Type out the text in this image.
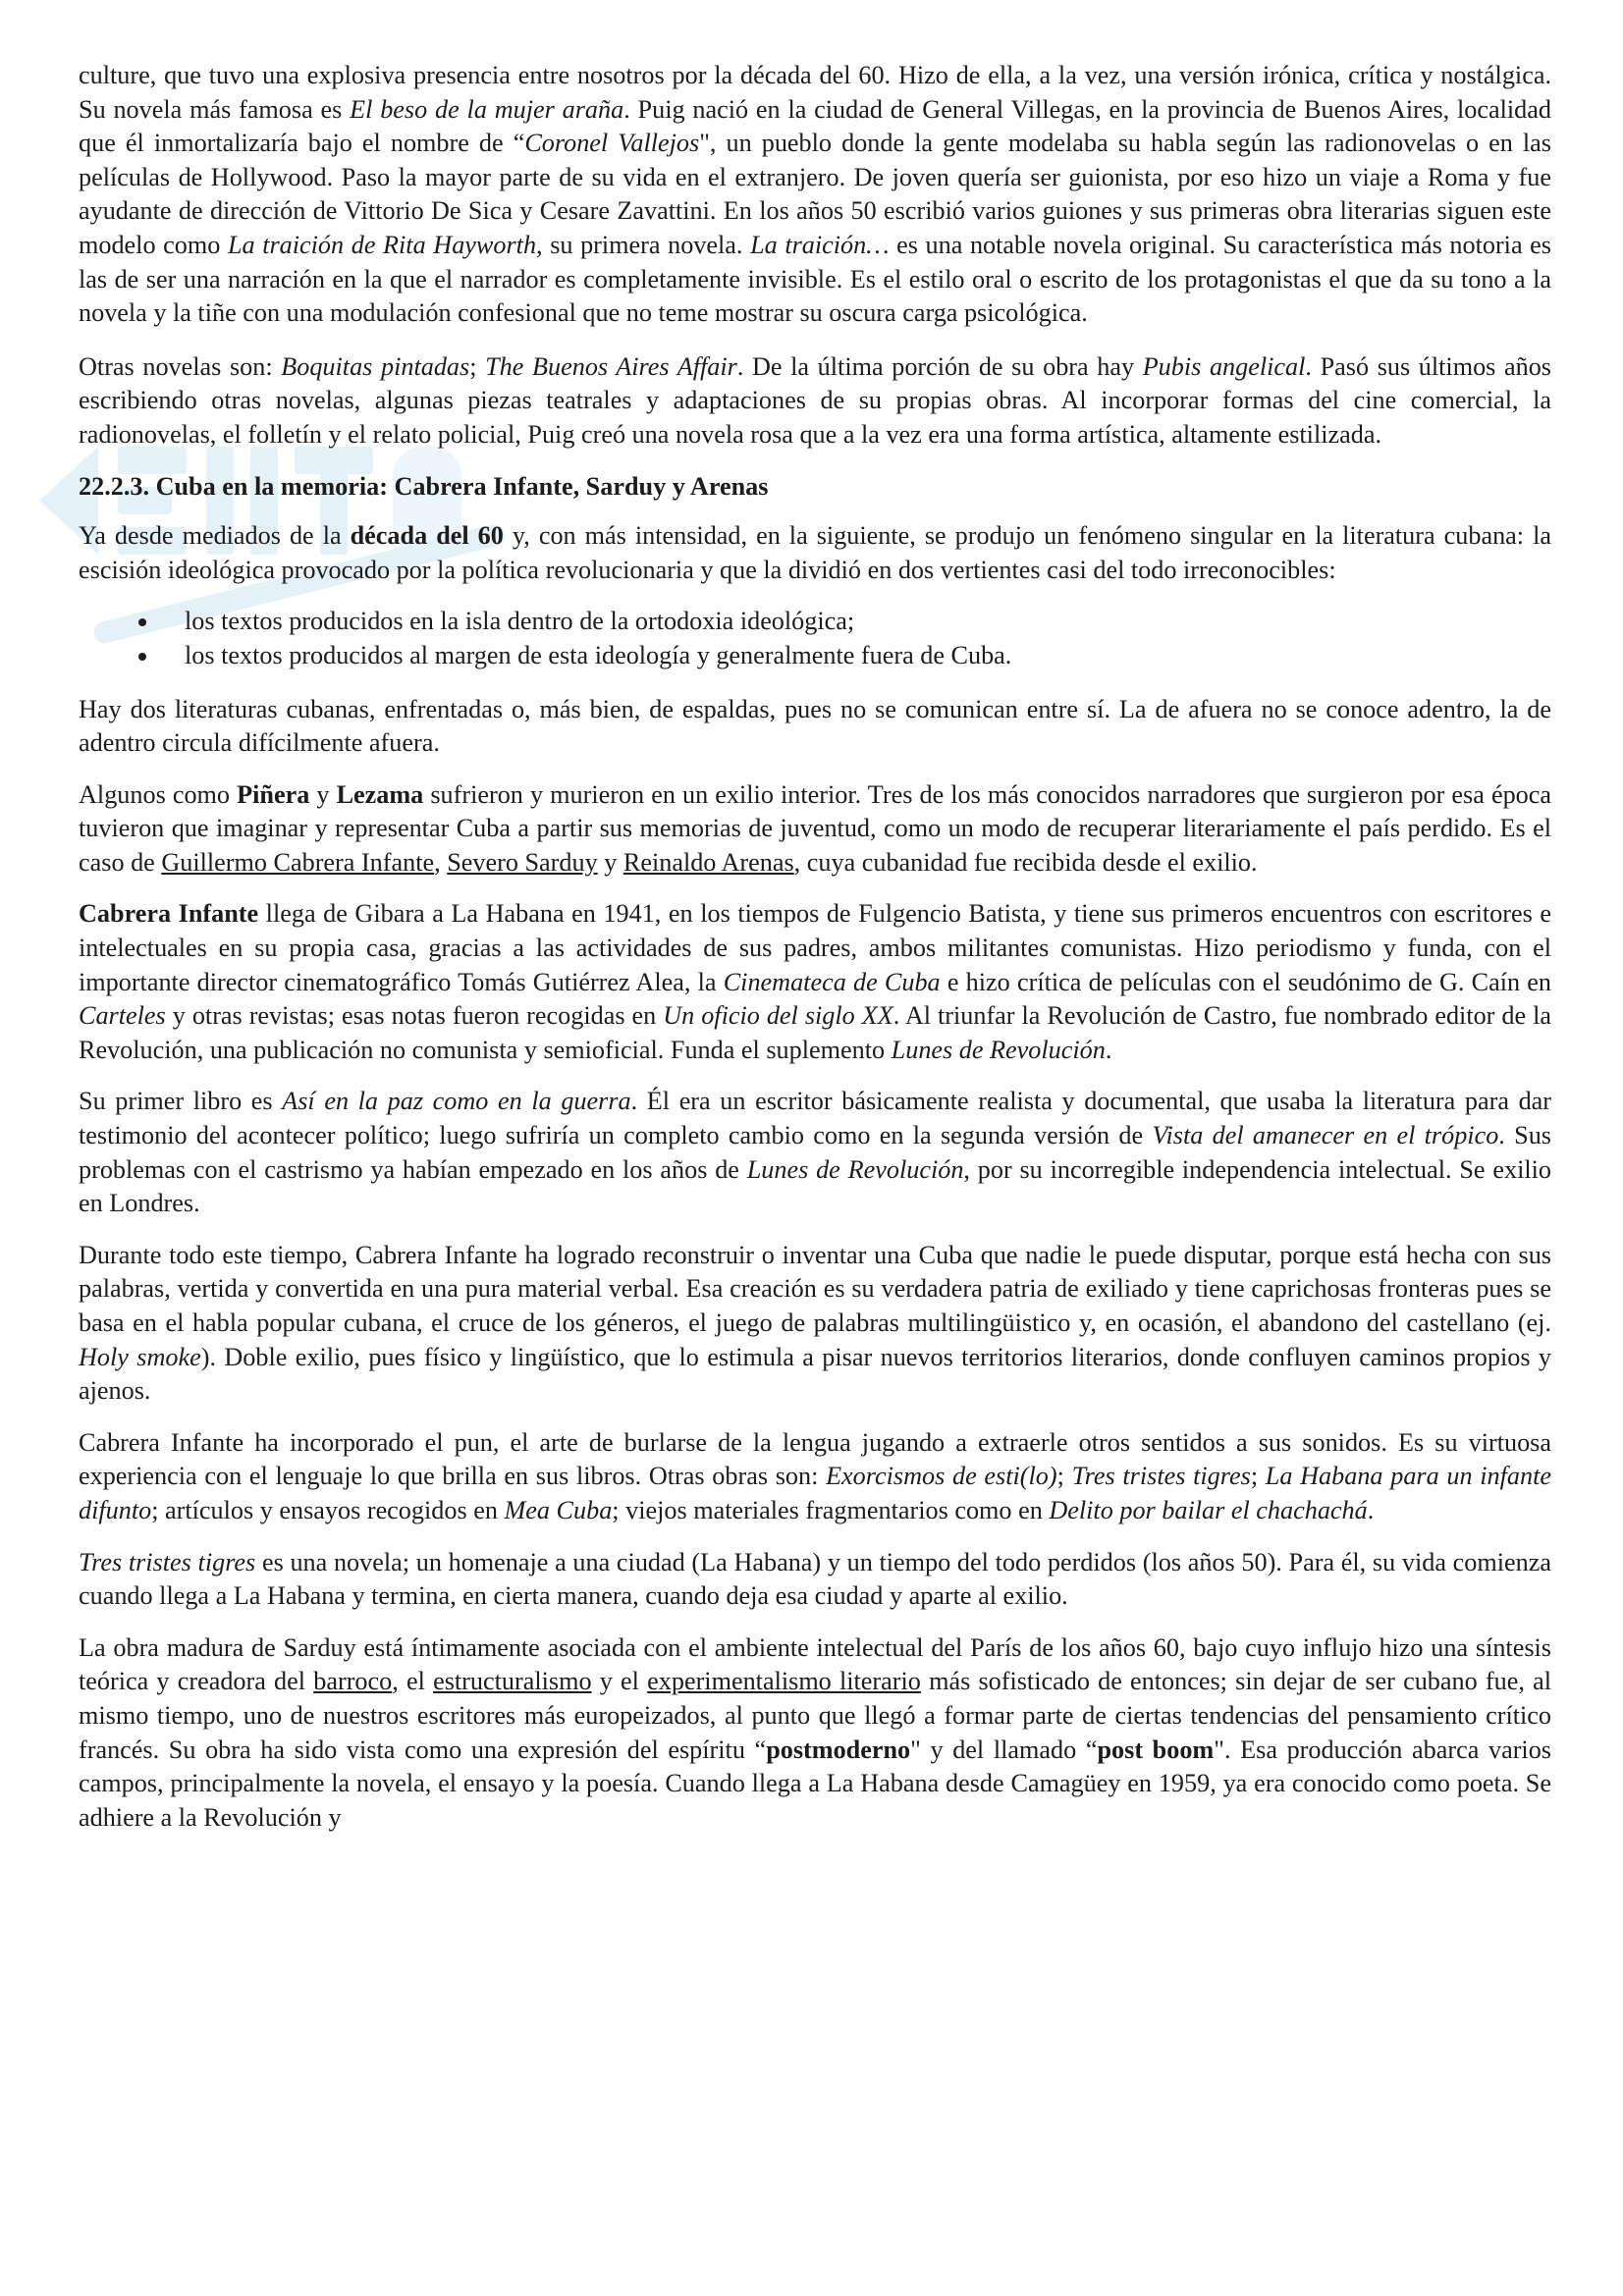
culture, que tuvo una explosiva presencia entre nosotros por la década del 60. Hizo de ella, a la vez, una versión irónica, crítica y nostálgica. Su novela más famosa es El beso de la mujer araña. Puig nació en la ciudad de General Villegas, en la provincia de Buenos Aires, localidad que él inmortalizaría bajo el nombre de “Coronel Vallejos", un pueblo donde la gente modelaba su habla según las radionovelas o en las películas de Hollywood. Paso la mayor parte de su vida en el extranjero. De joven quería ser guionista, por eso hizo un viaje a Roma y fue ayudante de dirección de Vittorio De Sica y Cesare Zavattini. En los años 50 escribió varios guiones y sus primeras obra literarias siguen este modelo como La traición de Rita Hayworth, su primera novela. La traición… es una notable novela original. Su característica más notoria es las de ser una narración en la que el narrador es completamente invisible. Es el estilo oral o escrito de los protagonistas el que da su tono a la novela y la tiñe con una modulación confesional que no teme mostrar su oscura carga psicológica.

Otras novelas son: Boquitas pintadas; The Buenos Aires Affair. De la última porción de su obra hay Pubis angelical. Pasó sus últimos años escribiendo otras novelas, algunas piezas teatrales y adaptaciones de su propias obras. Al incorporar formas del cine comercial, la radionovelas, el folletín y el relato policial, Puig creó una novela rosa que a la vez era una forma artística, altamente estilizada.

22.2.3. Cuba en la memoria: Cabrera Infante, Sarduy y Arenas

Ya desde mediados de la década del 60 y, con más intensidad, en la siguiente, se produjo un fenómeno singular en la literatura cubana: la escisión ideológica provocado por la política revolucionaria y que la dividió en dos vertientes casi del todo irreconocibles:

los textos producidos en la isla dentro de la ortodoxia ideológica;
los textos producidos al margen de esta ideología y generalmente fuera de Cuba.

Hay dos literaturas cubanas, enfrentadas o, más bien, de espaldas, pues no se comunican entre sí. La de afuera no se conoce adentro, la de adentro circula difícilmente afuera.

Algunos como Piñera y Lezama sufrieron y murieron en un exilio interior. Tres de los más conocidos narradores que surgieron por esa época tuvieron que imaginar y representar Cuba a partir sus memorias de juventud, como un modo de recuperar literariamente el país perdido. Es el caso de Guillermo Cabrera Infante, Severo Sarduy y Reinaldo Arenas, cuya cubanidad fue recibida desde el exilio.

Cabrera Infante llega de Gibara a La Habana en 1941, en los tiempos de Fulgencio Batista, y tiene sus primeros encuentros con escritores e intelectuales en su propia casa, gracias a las actividades de sus padres, ambos militantes comunistas. Hizo periodismo y funda, con el importante director cinematográfico Tomás Gutiérrez Alea, la Cinemateca de Cuba e hizo crítica de películas con el seudónimo de G. Caín en Carteles y otras revistas; esas notas fueron recogidas en Un oficio del siglo XX. Al triunfar la Revolución de Castro, fue nombrado editor de la Revolución, una publicación no comunista y semioficial. Funda el suplemento Lunes de Revolución.

Su primer libro es Así en la paz como en la guerra. Él era un escritor básicamente realista y documental, que usaba la literatura para dar testimonio del acontecer político; luego sufriría un completo cambio como en la segunda versión de Vista del amanecer en el trópico. Sus problemas con el castrismo ya habían empezado en los años de Lunes de Revolución, por su incorregible independencia intelectual. Se exilio en Londres.

Durante todo este tiempo, Cabrera Infante ha logrado reconstruir o inventar una Cuba que nadie le puede disputar, porque está hecha con sus palabras, vertida y convertida en una pura material verbal. Esa creación es su verdadera patria de exiliado y tiene caprichosas fronteras pues se basa en el habla popular cubana, el cruce de los géneros, el juego de palabras multilingüistico y, en ocasión, el abandono del castellano (ej. Holy smoke). Doble exilio, pues físico y lingüístico, que lo estimula a pisar nuevos territorios literarios, donde confluyen caminos propios y ajenos.

Cabrera Infante ha incorporado el pun, el arte de burlarse de la lengua jugando a extraerle otros sentidos a sus sonidos. Es su virtuosa experiencia con el lenguaje lo que brilla en sus libros. Otras obras son: Exorcismos de esti(lo); Tres tristes tigres; La Habana para un infante difunto; artículos y ensayos recogidos en Mea Cuba; viejos materiales fragmentarios como en Delito por bailar el chachachá.

Tres tristes tigres es una novela; un homenaje a una ciudad (La Habana) y un tiempo del todo perdidos (los años 50). Para él, su vida comienza cuando llega a La Habana y termina, en cierta manera, cuando deja esa ciudad y aparte al exilio.

La obra madura de Sarduy está íntimamente asociada con el ambiente intelectual del París de los años 60, bajo cuyo influjo hizo una síntesis teórica y creadora del barroco, el estructuralismo y el experimentalismo literario más sofisticado de entonces; sin dejar de ser cubano fue, al mismo tiempo, uno de nuestros escritores más europeizados, al punto que llegó a formar parte de ciertas tendencias del pensamiento crítico francés. Su obra ha sido vista como una expresión del espíritu “postmoderno" y del llamado “post boom". Esa producción abarca varios campos, principalmente la novela, el ensayo y la poesía. Cuando llega a La Habana desde Camagüey en 1959, ya era conocido como poeta. Se adhiere a la Revolución y
